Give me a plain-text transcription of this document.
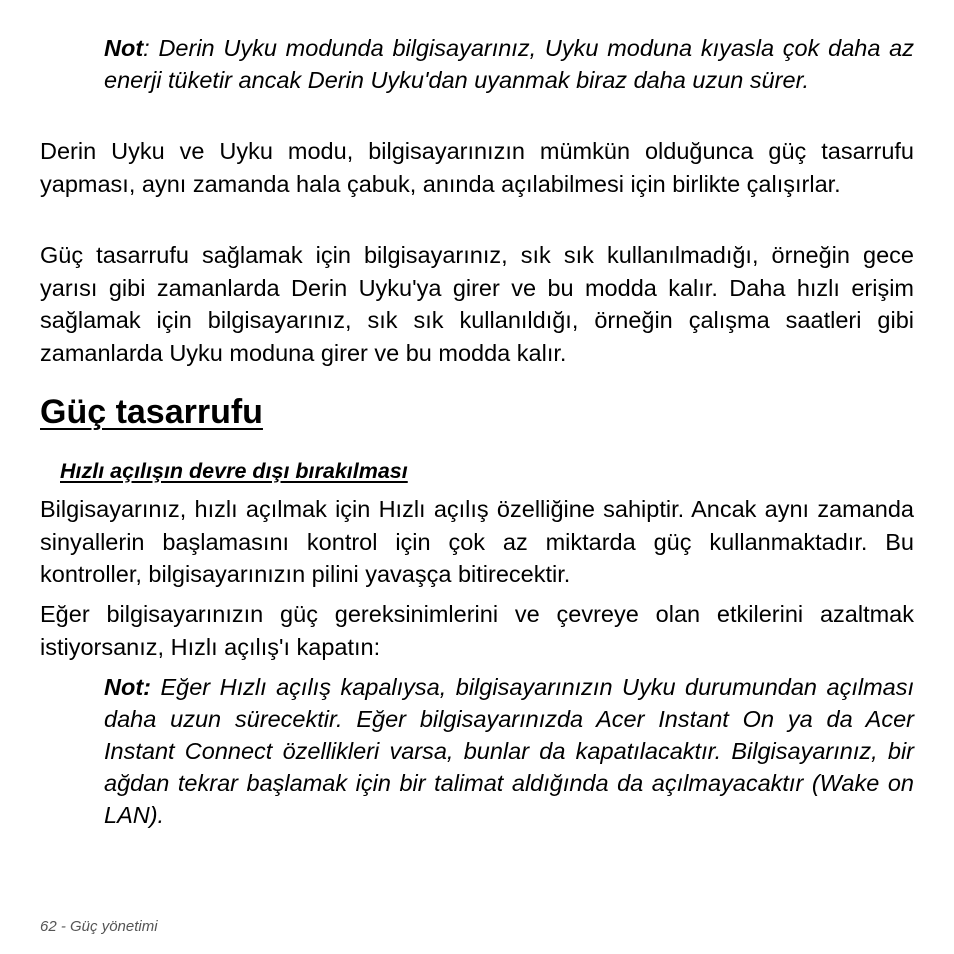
Not: Derin Uyku modunda bilgisayarınız, Uyku moduna kıyasla çok daha az enerji tüketir ancak Derin Uyku'dan uyanmak biraz daha uzun sürer.

Derin Uyku ve Uyku modu, bilgisayarınızın mümkün olduğunca güç tasarrufu yapması, aynı zamanda hala çabuk, anında açılabilmesi için birlikte çalışırlar.

Güç tasarrufu sağlamak için bilgisayarınız, sık sık kullanılmadığı, örneğin gece yarısı gibi zamanlarda Derin Uyku'ya girer ve bu modda kalır. Daha hızlı erişim sağlamak için bilgisayarınız, sık sık kullanıldığı, örneğin çalışma saatleri gibi zamanlarda Uyku moduna girer ve bu modda kalır.

Güç tasarrufu
Hızlı açılışın devre dışı bırakılması

Bilgisayarınız, hızlı açılmak için Hızlı açılış özelliğine sahiptir. Ancak aynı zamanda sinyallerin başlamasını kontrol için çok az miktarda güç kullanmaktadır. Bu kontroller, bilgisayarınızın pilini yavaşça bitirecektir.

Eğer bilgisayarınızın güç gereksinimlerini ve çevreye olan etkilerini azaltmak istiyorsanız, Hızlı açılış'ı kapatın:

Not: Eğer Hızlı açılış kapalıysa, bilgisayarınızın Uyku durumundan açılması daha uzun sürecektir. Eğer bilgisayarınızda Acer Instant On ya da Acer Instant Connect özellikleri varsa, bunlar da kapatılacaktır. Bilgisayarınız, bir ağdan tekrar başlamak için bir talimat aldığında da açılmayacaktır (Wake on LAN).

62 - Güç yönetimi
